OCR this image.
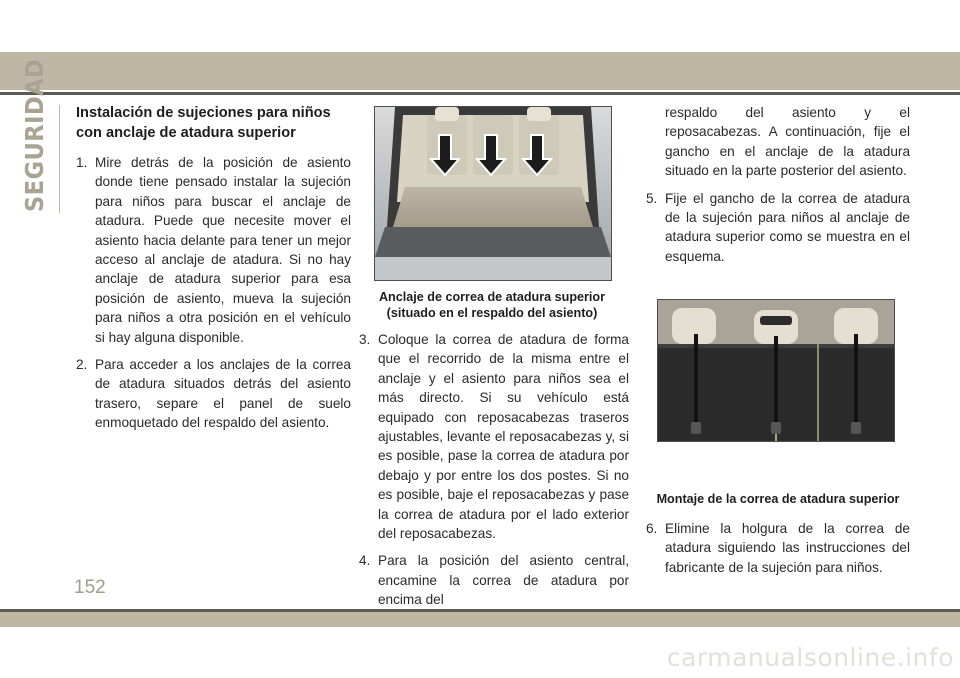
SEGURIDAD Instalación de sujeciones para niños con anclaje de atadura superior
1. Mire detrás de la posición de asiento donde tiene pensado instalar la sujeción para niños para buscar el anclaje de atadura. Puede que necesite mover el asiento hacia delante para tener un mejor acceso al anclaje de atadura. Si no hay anclaje de atadura superior para esa posición de asiento, mueva la sujeción para niños a otra posición en el vehículo si hay alguna disponible.
2. Para acceder a los anclajes de la correa de atadura situados detrás del asiento trasero, separe el panel de suelo enmoquetado del respaldo del asiento.
Anclaje de correa de atadura superior
(situado en el respaldo del asiento)
3. Coloque la correa de atadura de forma que el recorrido de la misma entre el anclaje y el asiento para niños sea el más directo. Si su vehículo está equipado con reposacabezas traseros ajustables, levante el reposacabezas y, si es posible, pase la correa de atadura por debajo y por entre los dos postes. Si no es posible, baje el reposacabezas y pase la correa de atadura por el lado exterior del reposacabezas.
4. Para la posición del asiento central, encamine la correa de atadura por encima del
respaldo del asiento y el reposacabezas. A continuación, fije el gancho en el anclaje de la atadura situado en la parte posterior del asiento.
5. Fije el gancho de la correa de atadura de la sujeción para niños al anclaje de atadura superior como se muestra en el esquema.
Montaje de la correa de atadura superior
6. Elimine la holgura de la correa de atadura siguiendo las instrucciones del fabricante de la sujeción para niños.
152
carmanualsonline.info
